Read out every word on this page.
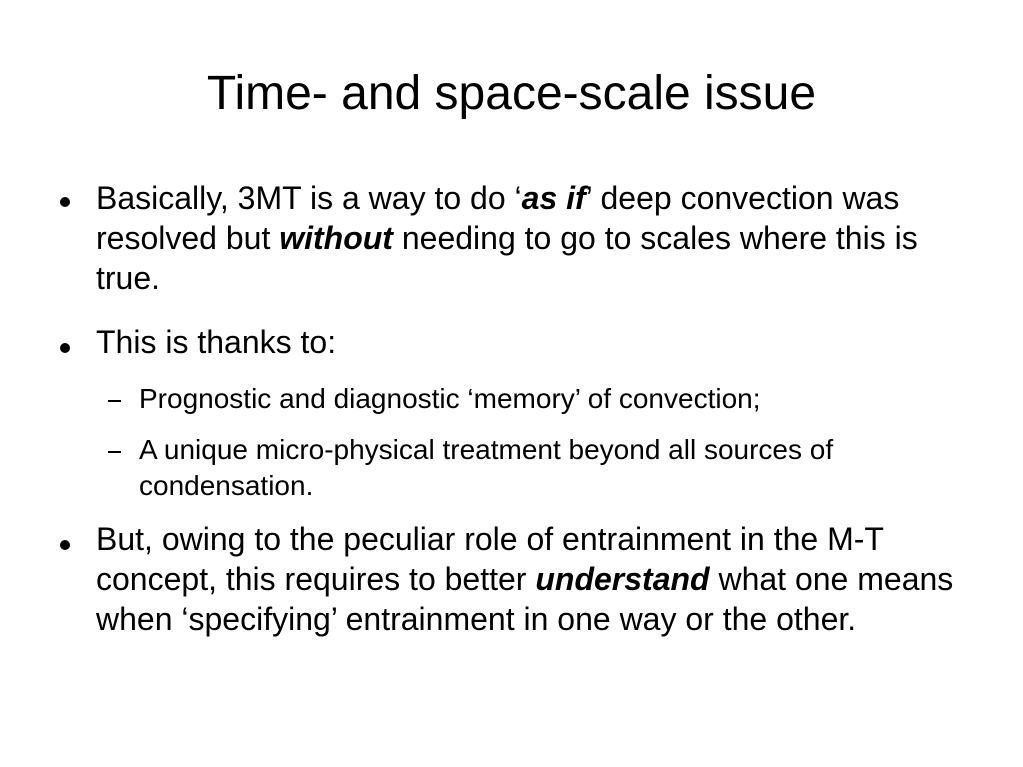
Time- and space-scale issue

Basically, 3MT is a way to do ‘as if’ deep convection was resolved but without needing to go to scales where this is true.

This is thanks to:

Prognostic and diagnostic ‘memory’ of convection;

A unique micro-physical treatment beyond all sources of condensation.

But, owing to the peculiar role of entrainment in the M-T concept, this requires to better understand what one means when ‘specifying’ entrainment in one way or the other.
